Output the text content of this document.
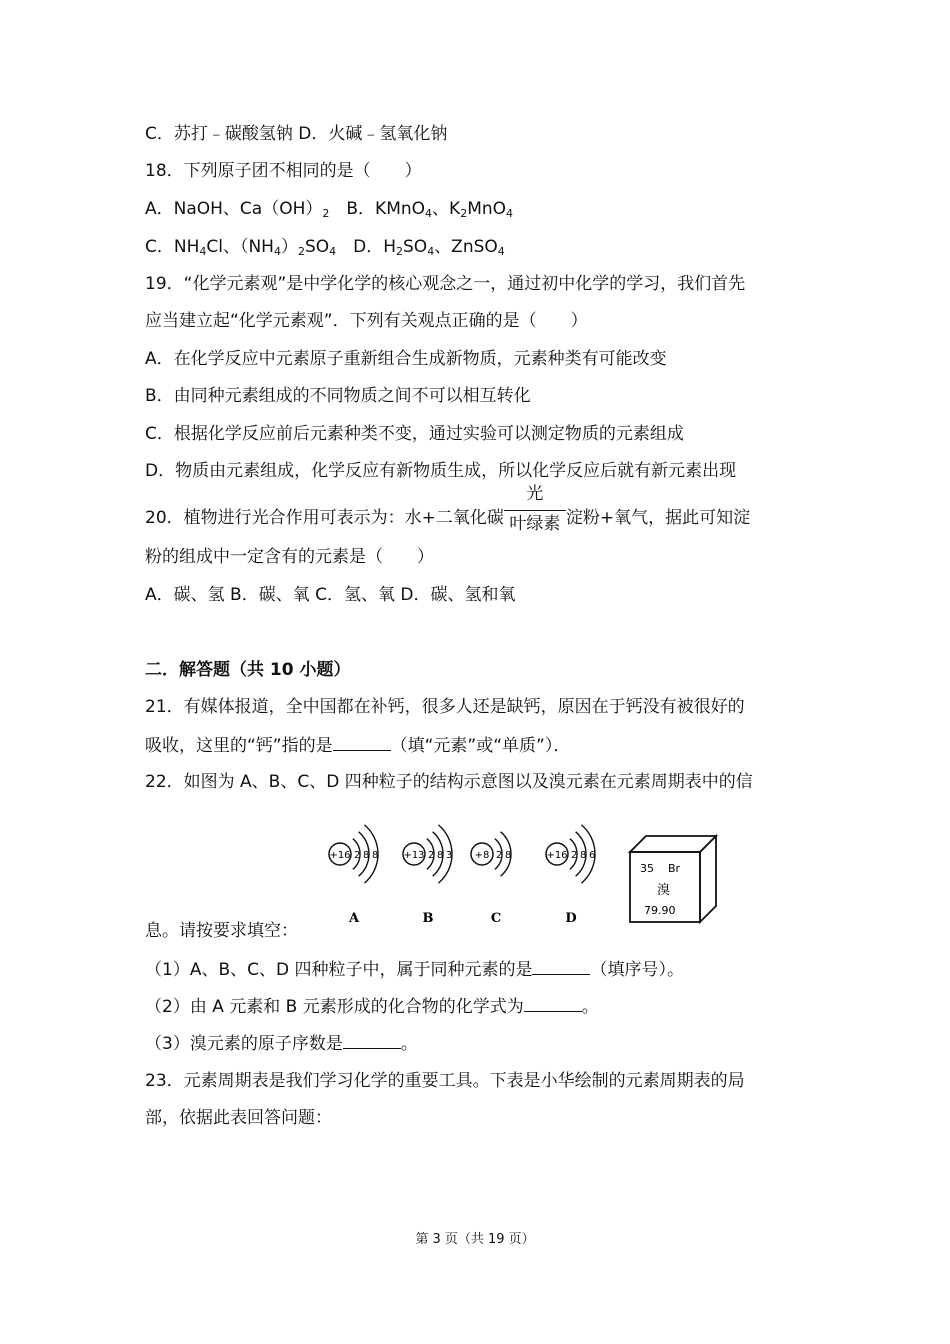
C．苏打﹣碳酸氢钠 D．火碱﹣氢氧化钠
18．下列原子团不相同的是（　　）
A．NaOH、$Ca(OH)_2$　B．KMnO$_4$、$K_2MnO_4$
C．$NH_4Cl$、$(NH_4)_2SO_4$　D．$H_2SO_4$、ZnSO$_4$
19．“化学元素观”是中学化学的核心观念之一，通过初中化学的学习，我们首先
应当建立起“化学元素观”．下列有关观点正确的是（　　）
A．在化学反应中元素原子重新组合生成新物质，元素种类有可能改变
B．由同种元素组成的不同物质之间不可以相互转化
C．根据化学反应前后元素种类不变，通过实验可以测定物质的元素组成
D．物质由元素组成，化学反应有新物质生成，所以化学反应后就有新元素出现
20．植物进行光合作用可表示为：水+二氧化碳 $\frac{\text{光}}{\text{叶绿素}}$ 淀粉+氧气，据此可知淀
粉的组成中一定含有的元素是（　　）
A．碳、氢 B．碳、氧 C．氢、氧 D．碳、氢和氧
二．解答题（共 10 小题）
21．有媒体报道，全中国都在补钙，很多人还是缺钙，原因在于钙没有被很好的
吸收，这里的“钙”指的是	（填“元素”或“单质”）．
22．如图为 A、B、C、D 四种粒子的结构示意图以及溴元素在元素周期表中的信
+16 2 8 8
A
+13 2 8 3
B
+8 2 8
C
+16 2 8 6
D
35 Br
溴
79.90
息。请按要求填空：
（1）A、B、C、D 四种粒子中，属于同种元素的是	（填序号）。
（2）由 A 元素和 B 元素形成的化合物的化学式为	。
（3）溴元素的原子序数是	。
23．元素周期表是我们学习化学的重要工具。下表是小华绘制的元素周期表的局
部，依据此表回答问题：
第 3 页（共 19 页）
